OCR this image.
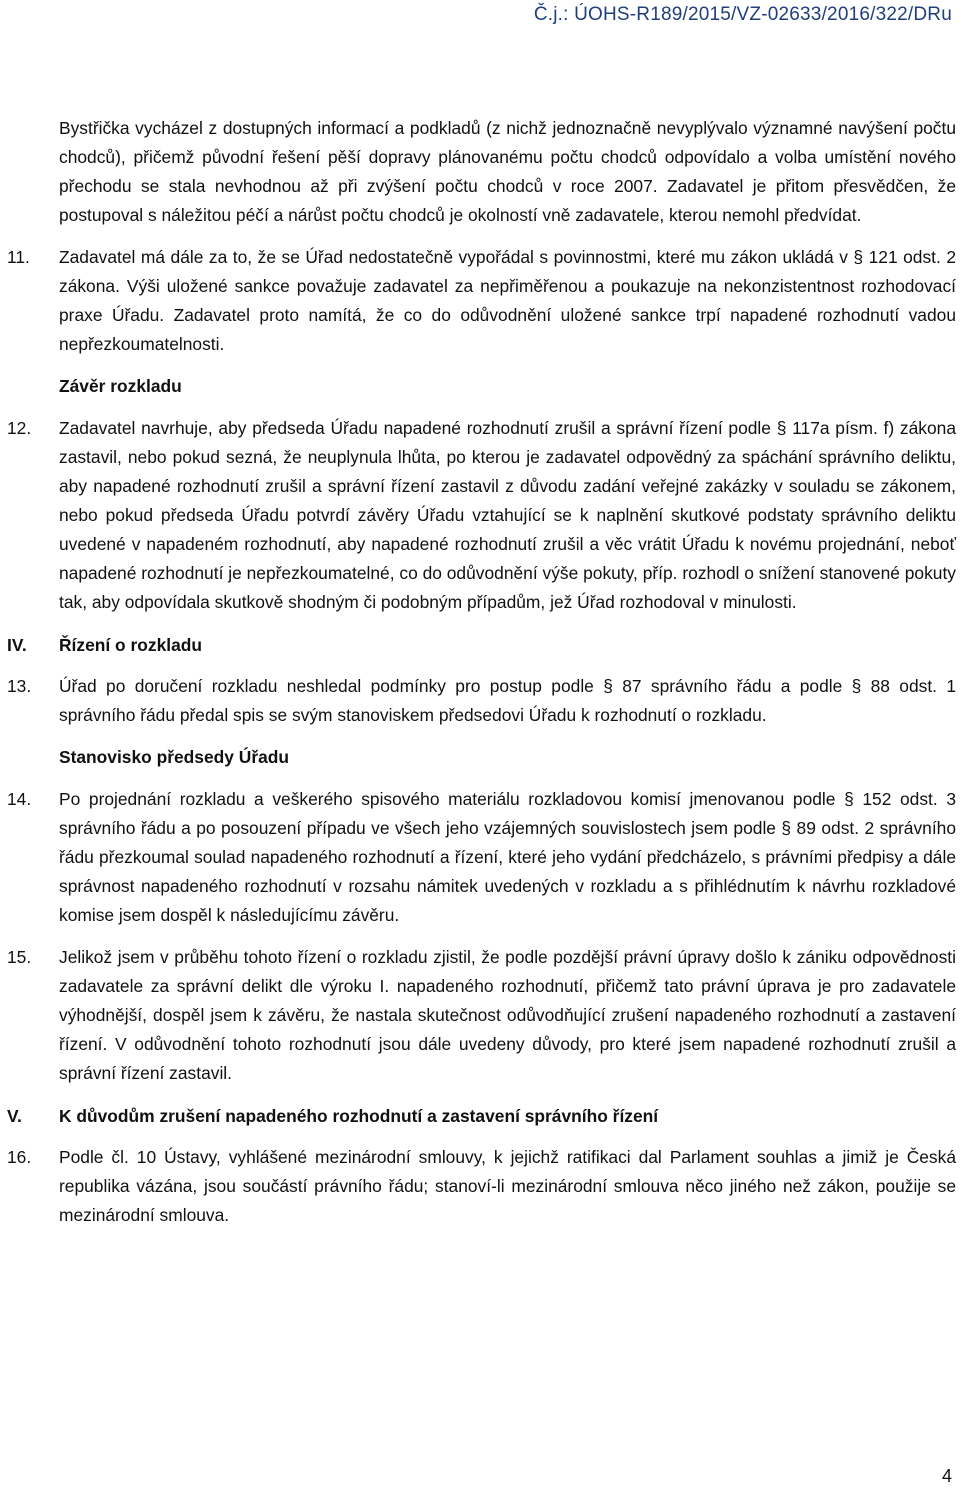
Č.j.: ÚOHS-R189/2015/VZ-02633/2016/322/DRu

Bystřička vycházel z dostupných informací a podkladů (z nichž jednoznačně nevyplývalo významné navýšení počtu chodců), přičemž původní řešení pěší dopravy plánovanému počtu chodců odpovídalo a volba umístění nového přechodu se stala nevhodnou až při zvýšení počtu chodců v roce 2007. Zadavatel je přitom přesvědčen, že postupoval s náležitou péčí a nárůst počtu chodců je okolností vně zadavatele, kterou nemohl předvídat.

11. Zadavatel má dále za to, že se Úřad nedostatečně vypořádal s povinnostmi, které mu zákon ukládá v § 121 odst. 2 zákona. Výši uložené sankce považuje zadavatel za nepřiměřenou a poukazuje na nekonzistentnost rozhodovací praxe Úřadu. Zadavatel proto namítá, že co do odůvodnění uložené sankce trpí napadené rozhodnutí vadou nepřezkoumatelnosti.

Závěr rozkladu

12. Zadavatel navrhuje, aby předseda Úřadu napadené rozhodnutí zrušil a správní řízení podle § 117a písm. f) zákona zastavil, nebo pokud sezná, že neuplynula lhůta, po kterou je zadavatel odpovědný za spáchání správního deliktu, aby napadené rozhodnutí zrušil a správní řízení zastavil z důvodu zadání veřejné zakázky v souladu se zákonem, nebo pokud předseda Úřadu potvrdí závěry Úřadu vztahující se k naplnění skutkové podstaty správního deliktu uvedené v napadeném rozhodnutí, aby napadené rozhodnutí zrušil a věc vrátit Úřadu k novému projednání, neboť napadené rozhodnutí je nepřezkoumatelné, co do odůvodnění výše pokuty, příp. rozhodl o snížení stanovené pokuty tak, aby odpovídala skutkově shodným či podobným případům, jež Úřad rozhodoval v minulosti.

IV. Řízení o rozkladu

13. Úřad po doručení rozkladu neshledal podmínky pro postup podle § 87 správního řádu a podle § 88 odst. 1 správního řádu předal spis se svým stanoviskem předsedovi Úřadu k rozhodnutí o rozkladu.

Stanovisko předsedy Úřadu

14. Po projednání rozkladu a veškerého spisového materiálu rozkladovou komisí jmenovanou podle § 152 odst. 3 správního řádu a po posouzení případu ve všech jeho vzájemných souvislostech jsem podle § 89 odst. 2 správního řádu přezkoumal soulad napadeného rozhodnutí a řízení, které jeho vydání předcházelo, s právními předpisy a dále správnost napadeného rozhodnutí v rozsahu námitek uvedených v rozkladu a s přihlédnutím k návrhu rozkladové komise jsem dospěl k následujícímu závěru.

15. Jelikož jsem v průběhu tohoto řízení o rozkladu zjistil, že podle pozdější právní úpravy došlo k zániku odpovědnosti zadavatele za správní delikt dle výroku I. napadeného rozhodnutí, přičemž tato právní úprava je pro zadavatele výhodnější, dospěl jsem k závěru, že nastala skutečnost odůvodňující zrušení napadeného rozhodnutí a zastavení řízení. V odůvodnění tohoto rozhodnutí jsou dále uvedeny důvody, pro které jsem napadené rozhodnutí zrušil a správní řízení zastavil.

V. K důvodům zrušení napadeného rozhodnutí a zastavení správního řízení

16. Podle čl. 10 Ústavy, vyhlášené mezinárodní smlouvy, k jejichž ratifikaci dal Parlament souhlas a jimiž je Česká republika vázána, jsou součástí právního řádu; stanoví-li mezinárodní smlouva něco jiného než zákon, použije se mezinárodní smlouva.

4
